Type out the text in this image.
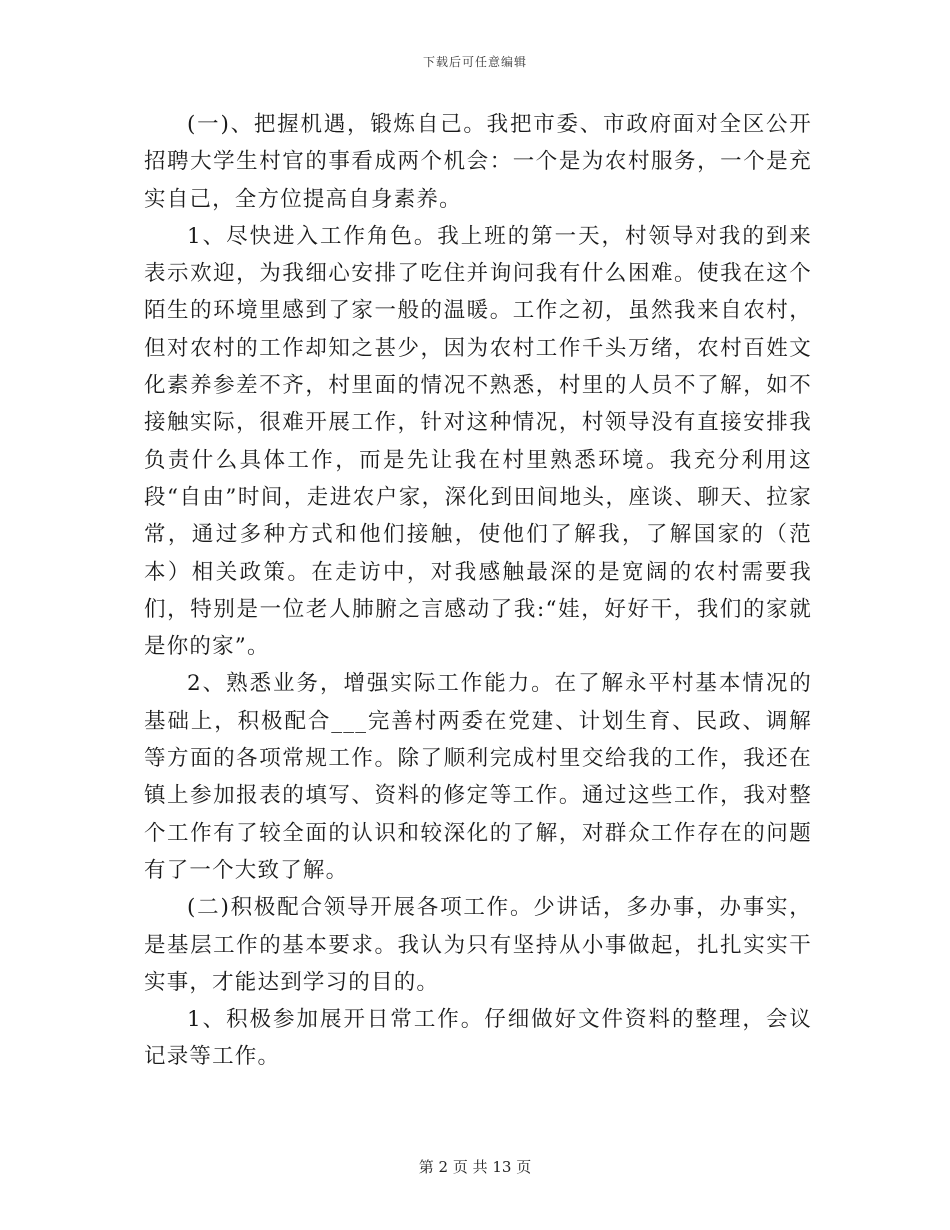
下载后可任意编辑

(一)、把握机遇，锻炼自己。我把市委、市政府面对全区公开招聘大学生村官的事看成两个机会：一个是为农村服务，一个是充实自己，全方位提高自身素养。

1、尽快进入工作角色。我上班的第一天，村领导对我的到来表示欢迎，为我细心安排了吃住并询问我有什么困难。使我在这个陌生的环境里感到了家一般的温暖。工作之初，虽然我来自农村，但对农村的工作却知之甚少，因为农村工作千头万绪，农村百姓文化素养参差不齐，村里面的情况不熟悉，村里的人员不了解，如不接触实际，很难开展工作，针对这种情况，村领导没有直接安排我负责什么具体工作，而是先让我在村里熟悉环境。我充分利用这段“自由”时间，走进农户家，深化到田间地头，座谈、聊天、拉家常，通过多种方式和他们接触，使他们了解我，了解国家的（范本）相关政策。在走访中，对我感触最深的是宽阔的农村需要我们，特别是一位老人肺腑之言感动了我:“娃，好好干，我们的家就是你的家”。

2、熟悉业务，增强实际工作能力。在了解永平村基本情况的基础上，积极配合___完善村两委在党建、计划生育、民政、调解等方面的各项常规工作。除了顺利完成村里交给我的工作，我还在镇上参加报表的填写、资料的修定等工作。通过这些工作，我对整个工作有了较全面的认识和较深化的了解，对群众工作存在的问题有了一个大致了解。

(二)积极配合领导开展各项工作。少讲话，多办事，办事实，是基层工作的基本要求。我认为只有坚持从小事做起，扎扎实实干实事，才能达到学习的目的。

1、积极参加展开日常工作。仔细做好文件资料的整理，会议记录等工作。

第 2 页 共 13 页
